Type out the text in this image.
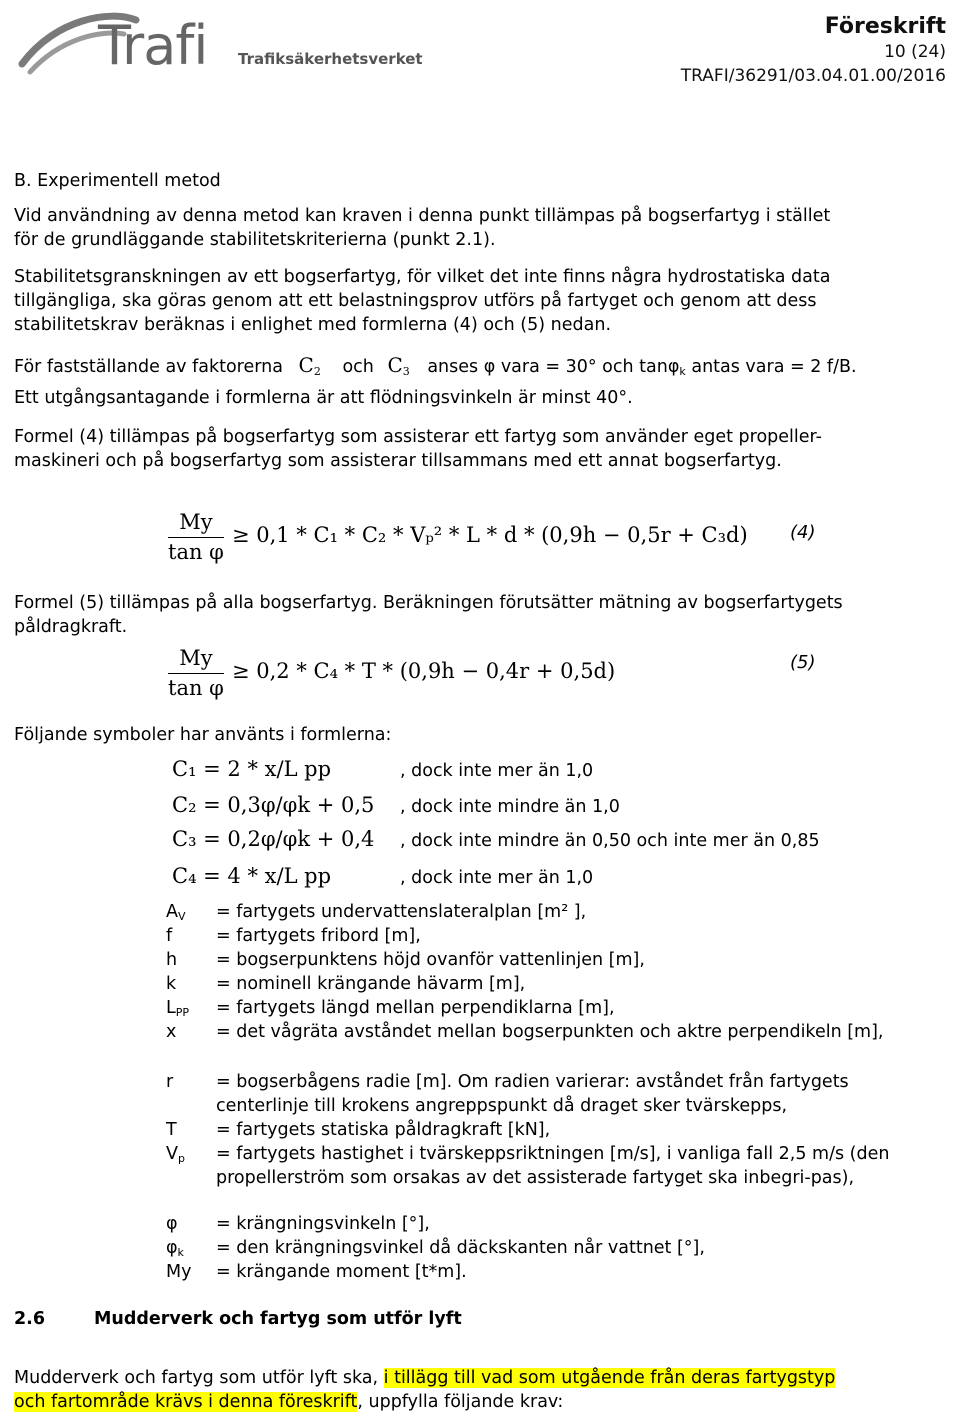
Trafi Trafiksäkerhetsverket
Föreskrift
10 (24)
TRAFI/36291/03.04.01.00/2016
B. Experimentell metod
Vid användning av denna metod kan kraven i denna punkt tillämpas på bogserfartyg i stället
för de grundläggande stabilitetskriterierna (punkt 2.1).
Stabilitetsgranskningen av ett bogserfartyg, för vilket det inte finns några hydrostatiska data
tillgängliga, ska göras genom att ett belastningsprov utförs på fartyget och genom att dess
stabilitetskrav beräknas i enlighet med formlerna (4) och (5) nedan.
För fastställande av faktorerna $C_2$ och $C_3$ anses φ vara = 30° och tanφ$_k$ antas vara = 2 f/B.
Ett utgångsantagande i formlerna är att flödningsvinkeln är minst 40°.
Formel (4) tillämpas på bogserfartyg som assisterar ett fartyg som använder eget propeller-
maskineri och på bogserfartyg som assisterar tillsammans med ett annat bogserfartyg.
$\frac{My}{\text{tan φ}} \ge 0,1 * C_1 * C_2 * V_p^2 * L * d * (0,9h - 0,5r + C_3d)$ (4)
Formel (5) tillämpas på alla bogserfartyg. Beräkningen förutsätter mätning av bogserfartygets
påldragkraft.
$\frac{My}{\text{tan φ}} \ge 0,2 * C_4 * T * (0,9h - 0,4r + 0,5d)$	(5)
Följande symboler har använts i formlerna:
C₁ = 2 * x/L pp	, dock inte mer än 1,0
C₂ = 0,3φ/φk + 0,5 , dock inte mindre än 1,0
C₃ = 0,2φ/φk + 0,4 , dock inte mindre än 0,50 och inte mer än 0,85
C₄ = 4 * x/L pp	, dock inte mer än 1,0
$A_V$ = fartygets undervattenslateralplan [m² ],
f	= fartygets fribord [m],
h = bogserpunktens höjd ovanför vattenlinjen [m],
k = nominell krängande hävarm [m],
$L_{PP}$ = fartygets längd mellan perpendiklarna [m],
x = det vågräta avståndet mellan bogserpunkten och aktre perpendikeln [m],
r = bogserbågens radie [m]. Om radien varierar: avståndet från fartygets centerlinje till krokens angreppspunkt då draget sker tvärskepps,
T = fartygets statiska påldragkraft [kN],
$V_p$ = fartygets hastighet i tvärskeppsriktningen [m/s], i vanliga fall 2,5 m/s (den propellerström som orsakas av det assisterade fartyget ska inbegri-pas),
φ = krängningsvinkeln [°],
$\varphi_k$ = den krängningsvinkel då däckskanten når vattnet [°],
My = krängande moment [t*m].
2.6	Mudderverk och fartyg som utför lyft
Mudderverk och fartyg som utför lyft ska, i tillägg till vad som utgående från deras fartygstyp
och fartområde krävs i denna föreskrift, uppfylla följande krav:
